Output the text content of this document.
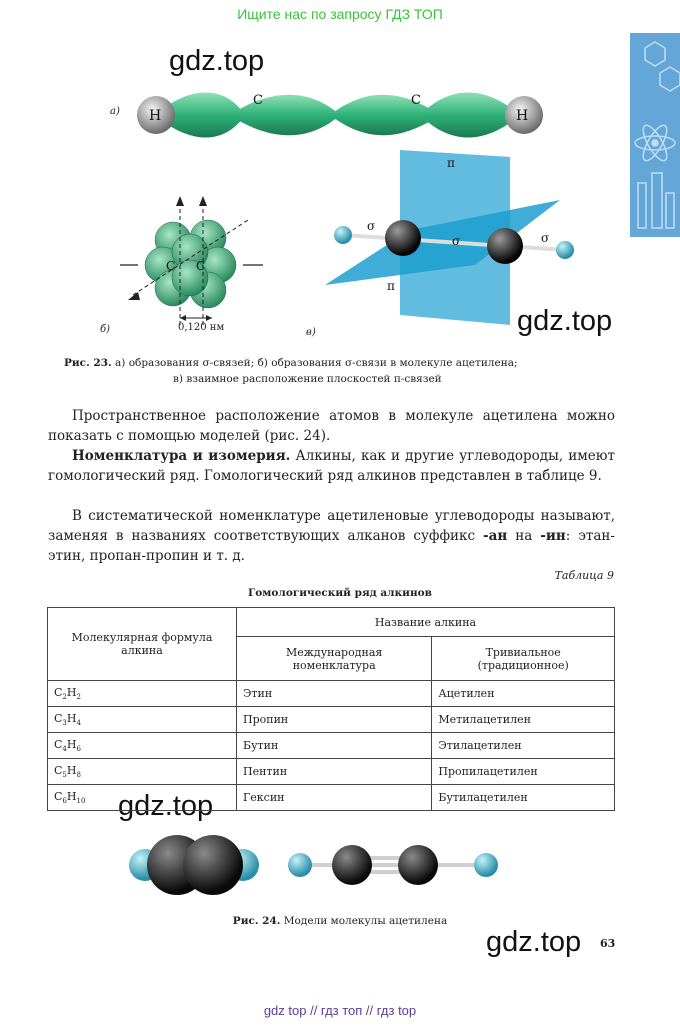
Ищите нас по запросу ГДЗ ТОП
gdz.top
gdz.top
gdz.top
gdz.top
а) H	H
C	C
C C
0,120 нм
б)
π
π
σ
σ	σ
в)
Рис. 23. а) образования σ-связей; б) образования σ-связи в молекуле ацетилена;
в) взаимное расположение плоскостей π-связей
Пространственное расположение атомов в молекуле ацетилена можно показать с помощью моделей (рис. 24).
Номенклатура и изомерия. Алкины, как и другие углеводороды, имеют гомологический ряд. Гомологический ряд алкинов представлен в таблице 9.
В систематической номенклатуре ацетиленовые углеводороды называют, заменяя в названиях соответствующих алканов суффикс -ан на -ин: этан-этин, пропан-пропин и т. д.
Таблица 9
Гомологический ряд алкинов
Молекулярная формула алкина	Название алкина	
	Международная номенклатура	Тривиальное (традиционное)
$C_2H_2$	Этин	Ацетилен
$C_3H_4$	Пропин	Метилацетилен
$C_4H_6$	Бутин	Этилацетилен
$C_5H_8$	Пентин	Пропилацетилен
$C_6H_{10}$	Гексин	Бутилацетилен
Рис. 24. Модели молекулы ацетилена
63
gdz top // гдз топ // гдз top
